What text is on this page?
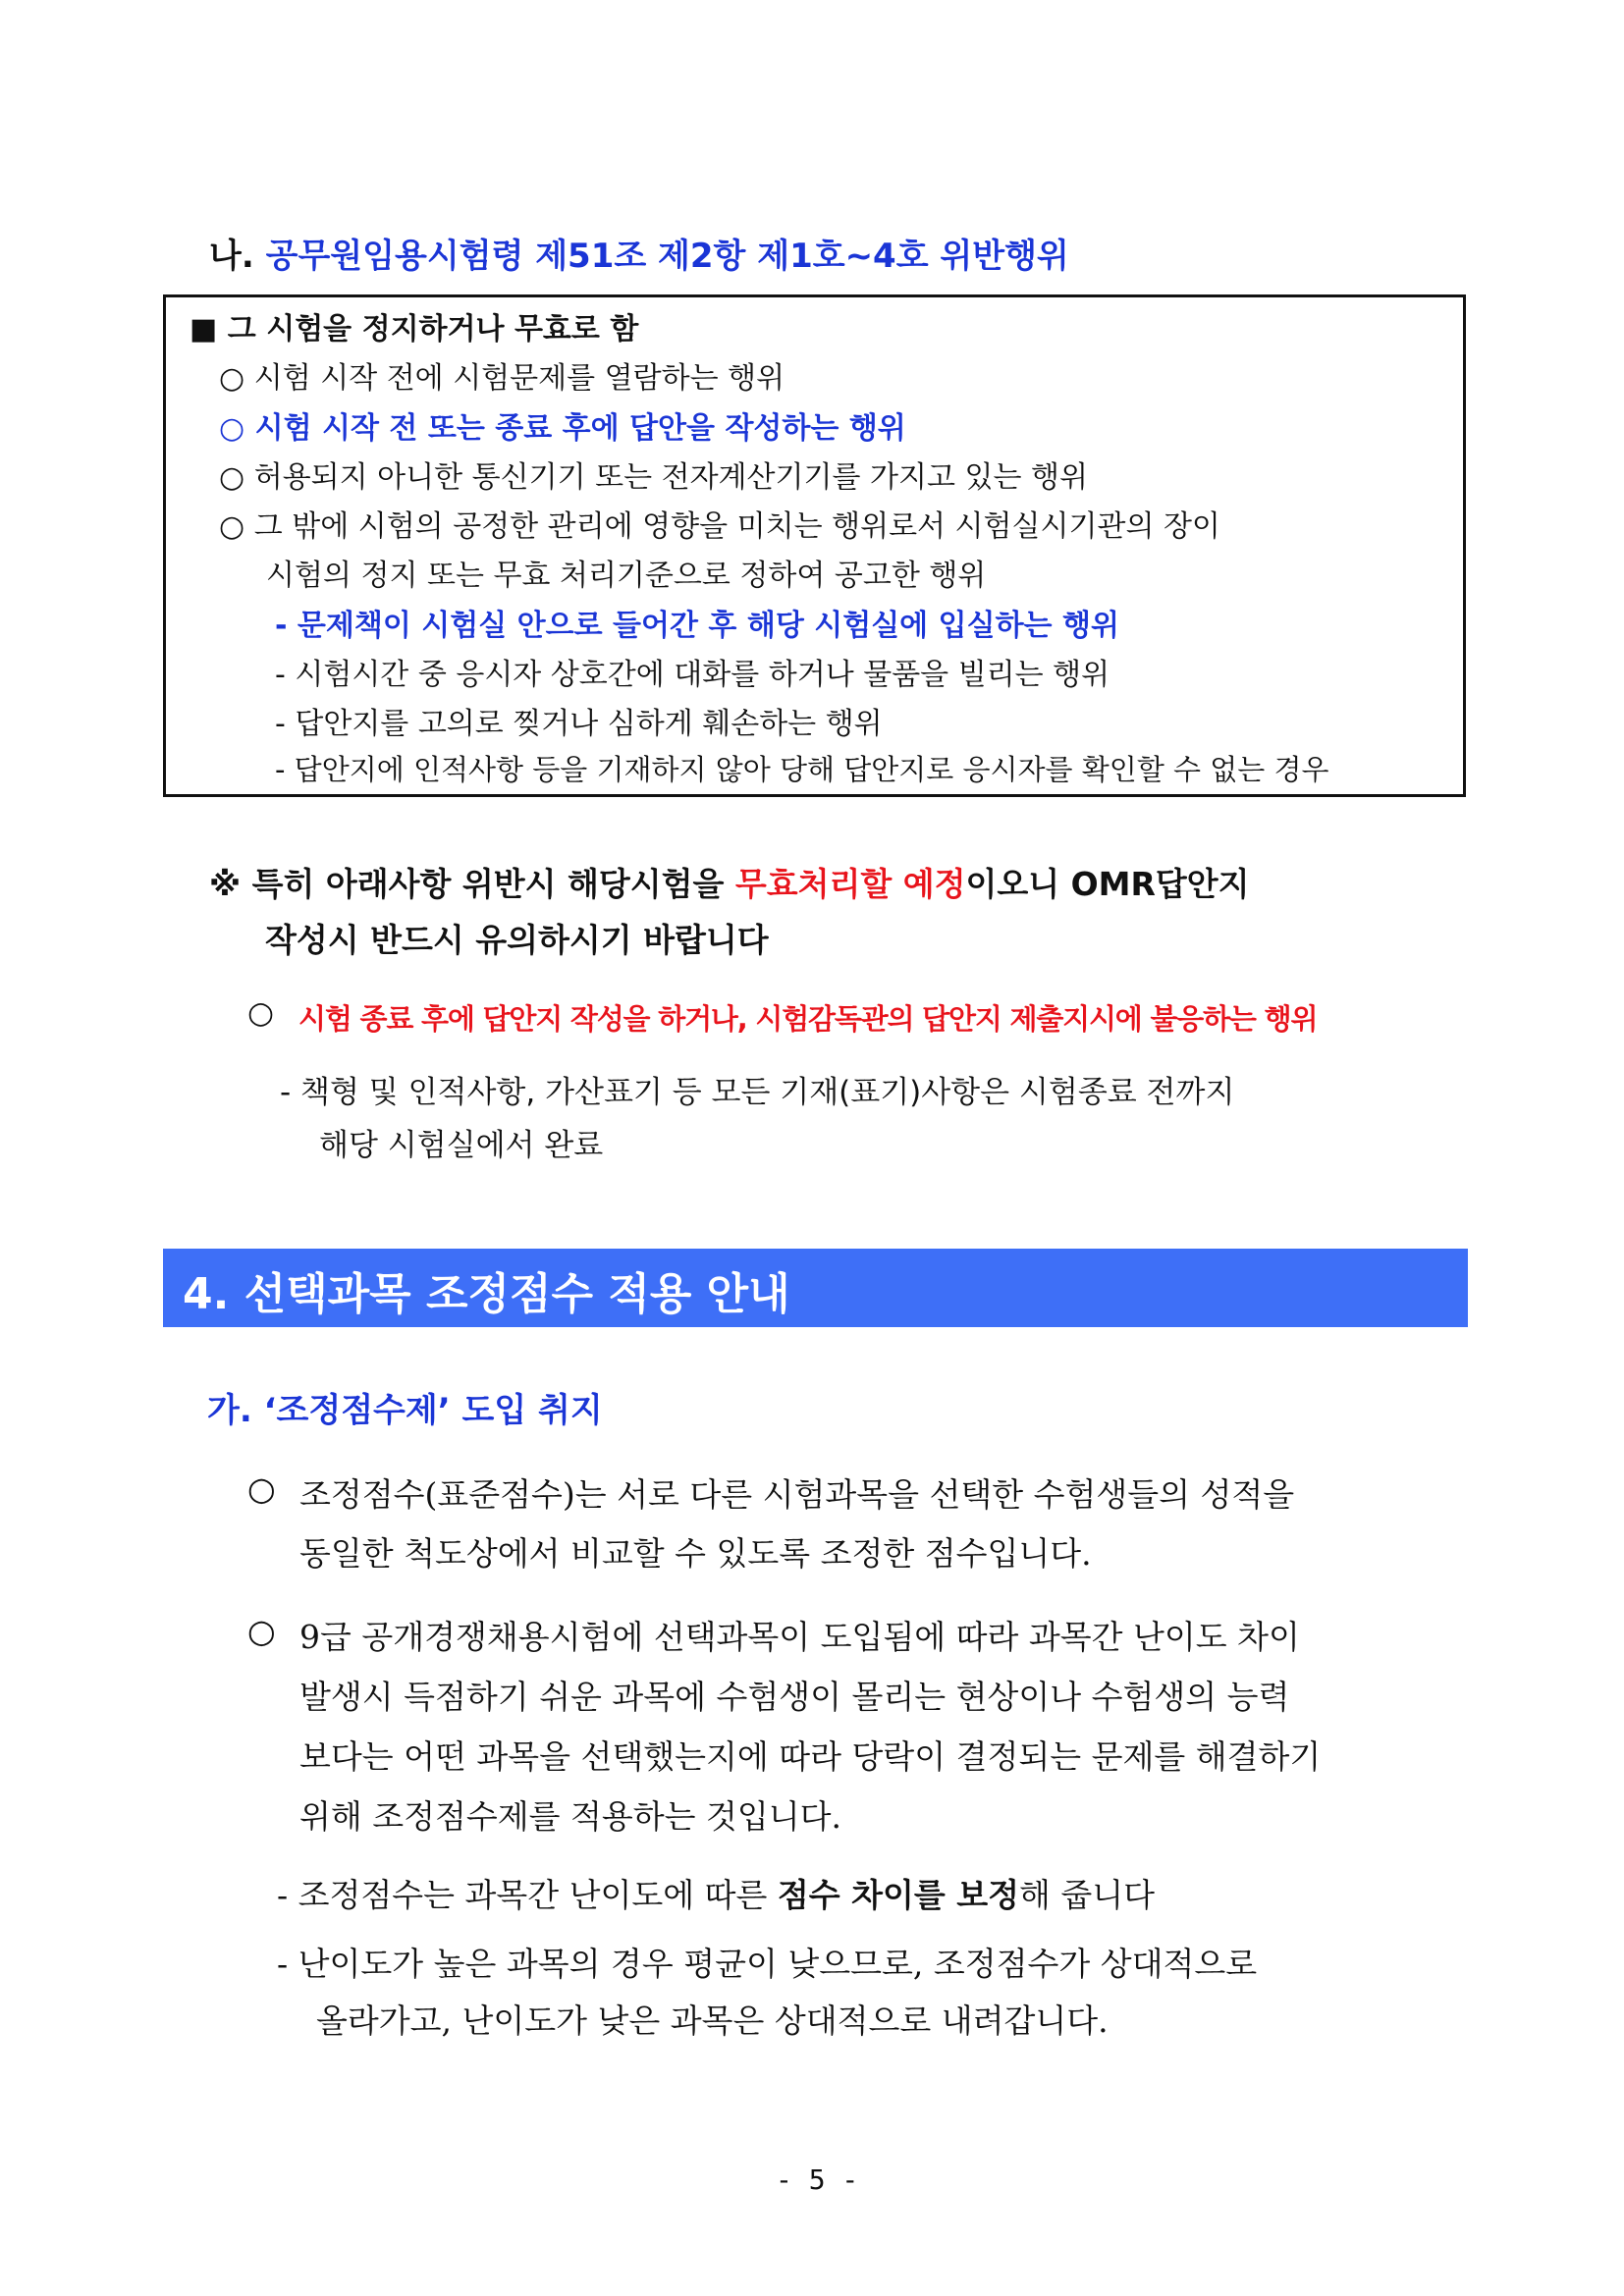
나. 공무원임용시험령 제51조 제2항 제1호~4호 위반행위
■ 그 시험을 정지하거나 무효로 함
○ 시험 시작 전에 시험문제를 열람하는 행위
○ 시험 시작 전 또는 종료 후에 답안을 작성하는 행위
○ 허용되지 아니한 통신기기 또는 전자계산기기를 가지고 있는 행위
○ 그 밖에 시험의 공정한 관리에 영향을 미치는 행위로서 시험실시기관의 장이
시험의 정지 또는 무효 처리기준으로 정하여 공고한 행위
- 문제책이 시험실 안으로 들어간 후 해당 시험실에 입실하는 행위
- 시험시간 중 응시자 상호간에 대화를 하거나 물품을 빌리는 행위
- 답안지를 고의로 찢거나 심하게 훼손하는 행위
- 답안지에 인적사항 등을 기재하지 않아 당해 답안지로 응시자를 확인할 수 없는 경우
※ 특히 아래사항 위반시 해당시험을 무효처리할 예정이오니 OMR답안지
작성시 반드시 유의하시기 바랍니다
○ 시험 종료 후에 답안지 작성을 하거나, 시험감독관의 답안지 제출지시에 불응하는 행위
- 책형 및 인적사항, 가산표기 등 모든 기재(표기)사항은 시험종료 전까지
해당 시험실에서 완료
4. 선택과목 조정점수 적용 안내
가. ‘조정점수제’ 도입 취지
○ 조정점수(표준점수)는 서로 다른 시험과목을 선택한 수험생들의 성적을
동일한 척도상에서 비교할 수 있도록 조정한 점수입니다.
○ 9급 공개경쟁채용시험에 선택과목이 도입됨에 따라 과목간 난이도 차이
발생시 득점하기 쉬운 과목에 수험생이 몰리는 현상이나 수험생의 능력
보다는 어떤 과목을 선택했는지에 따라 당락이 결정되는 문제를 해결하기
위해 조정점수제를 적용하는 것입니다.
- 조정점수는 과목간 난이도에 따른 점수 차이를 보정해 줍니다
- 난이도가 높은 과목의 경우 평균이 낮으므로, 조정점수가 상대적으로
올라가고, 난이도가 낮은 과목은 상대적으로 내려갑니다.
- 5 -
